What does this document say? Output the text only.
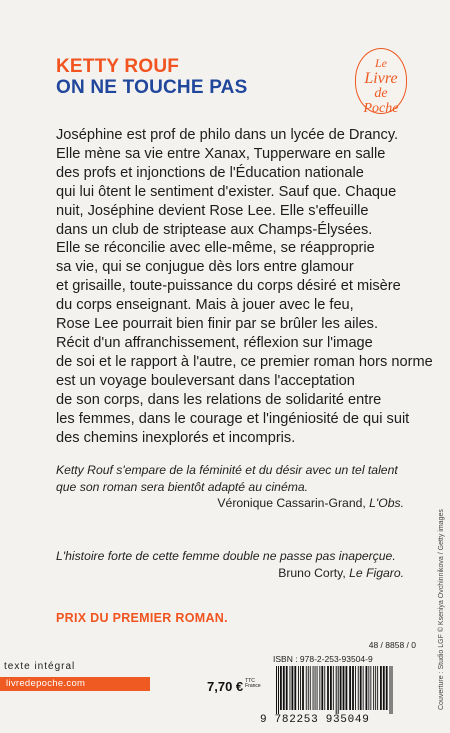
KETTY ROUF
ON NE TOUCHE PAS
Le
Livre
de Poche
Joséphine est prof de philo dans un lycée de Drancy.
Elle mène sa vie entre Xanax, Tupperware en salle
des profs et injonctions de l'Éducation nationale
qui lui ôtent le sentiment d'exister. Sauf que. Chaque
nuit, Joséphine devient Rose Lee. Elle s'effeuille
dans un club de striptease aux Champs-Élysées.
Elle se réconcilie avec elle-même, se réapproprie
sa vie, qui se conjugue dès lors entre glamour
et grisaille, toute-puissance du corps désiré et misère
du corps enseignant. Mais à jouer avec le feu,
Rose Lee pourrait bien finir par se brûler les ailes.
Récit d'un affranchissement, réflexion sur l'image
de soi et le rapport à l'autre, ce premier roman hors norme
est un voyage bouleversant dans l'acceptation
de son corps, dans les relations de solidarité entre
les femmes, dans le courage et l'ingéniosité de qui suit
des chemins inexplorés et incompris.
Ketty Rouf s'empare de la féminité et du désir avec un tel talent
que son roman sera bientôt adapté au cinéma.
Véronique Cassarin-Grand, L'Obs.
L'histoire forte de cette femme double ne passe pas inaperçue.
Bruno Corty, Le Figaro.
PRIX DU PREMIER ROMAN.
texte intégral
livredepoche.com	7,70 € TTC
France
48 / 8858 / 0
ISBN : 978-2-253-93504-9
9 782253 935049
Couverture : Studio LGF © Kseniya Ovchinnikova / Getty images
